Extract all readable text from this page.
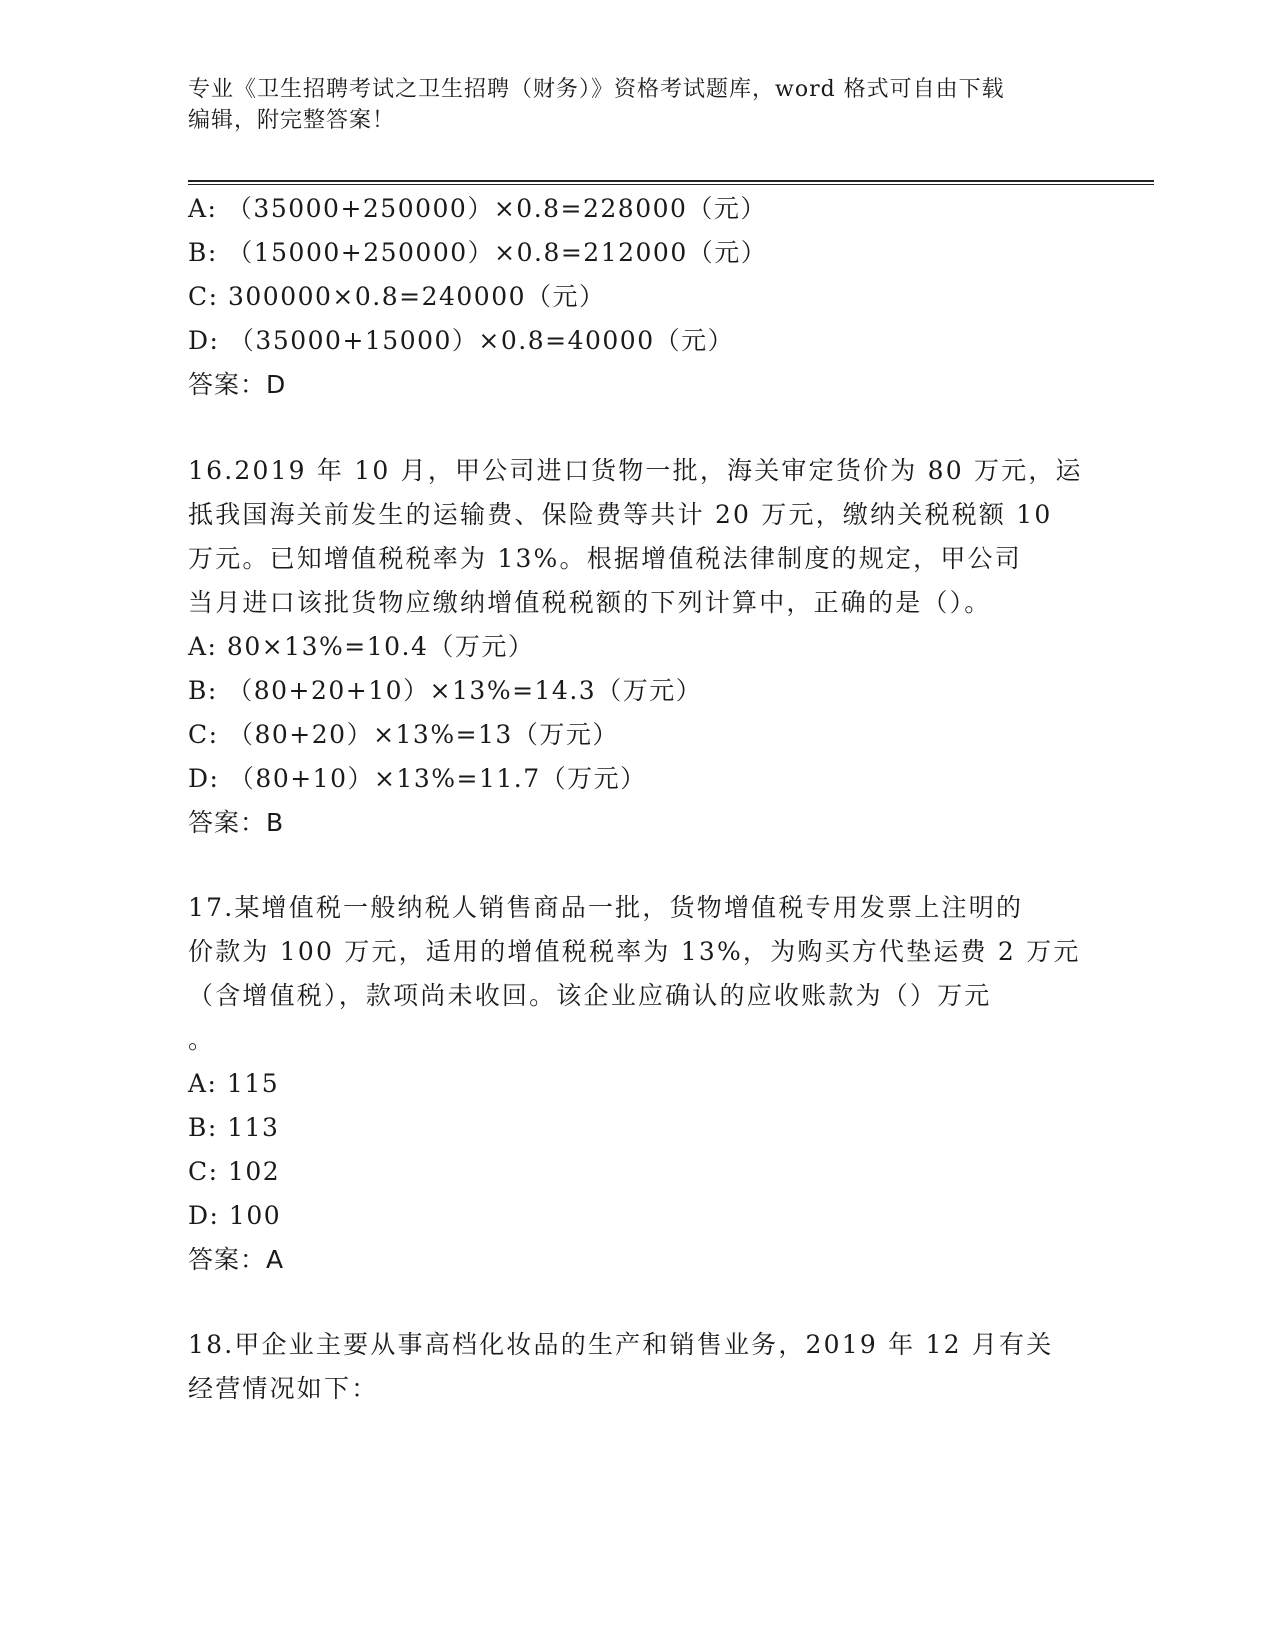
专业《卫生招聘考试之卫生招聘（财务）》资格考试题库，word 格式可自由下载
编辑，附完整答案！
A: （35000+250000）×0.8=228000（元）
B: （15000+250000）×0.8=212000（元）
C: 300000×0.8=240000（元）
D: （35000+15000）×0.8=40000（元）
答案：D
16.2019 年 10 月，甲公司进口货物一批，海关审定货价为 80 万元，运
抵我国海关前发生的运输费、保险费等共计 20 万元，缴纳关税税额 10
万元。已知增值税税率为 13%。根据增值税法律制度的规定，甲公司
当月进口该批货物应缴纳增值税税额的下列计算中，正确的是（）。
A: 80×13%=10.4（万元）
B: （80+20+10）×13%=14.3（万元）
C: （80+20）×13%=13（万元）
D: （80+10）×13%=11.7（万元）
答案：B
17.某增值税一般纳税人销售商品一批，货物增值税专用发票上注明的
价款为 100 万元，适用的增值税税率为 13%，为购买方代垫运费 2 万元
（含增值税），款项尚未收回。该企业应确认的应收账款为（）万元
。
A: 115
B: 113
C: 102
D: 100
答案：A
18.甲企业主要从事高档化妆品的生产和销售业务，2019 年 12 月有关
经营情况如下：
